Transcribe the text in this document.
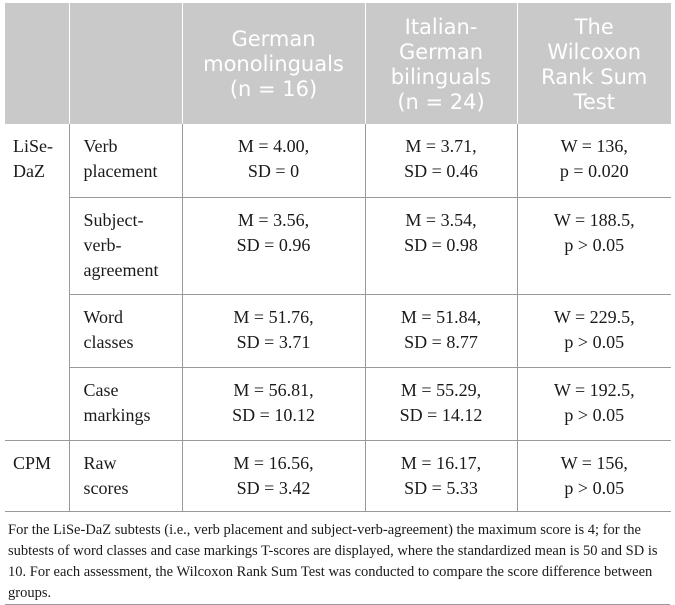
		German
monolinguals
(n = 16)	Italian-
German
bilinguals
(n = 24)	The
Wilcoxon
Rank Sum
Test

LiSe-
DaZ	Verb
placement	M = 4.00,
SD = 0	M = 3.71,
SD = 0.46	W = 136,
p = 0.020

	Subject-
verb-
agreement	M = 3.56,
SD = 0.96	M = 3.54,
SD = 0.98	W = 188.5,
p > 0.05

	Word
classes	M = 51.76,
SD = 3.71	M = 51.84,
SD = 8.77	W = 229.5,
p > 0.05

	Case
markings	M = 56.81,
SD = 10.12	M = 55.29,
SD = 14.12	W = 192.5,
p > 0.05

CPM	Raw
scores	M = 16.56,
SD = 3.42	M = 16.17,
SD = 5.33	W = 156,
p > 0.05
For the LiSe-DaZ subtests (i.e., verb placement and subject-verb-agreement) the maximum score is 4; for the subtests of word classes and case markings T-scores are displayed, where the standardized mean is 50 and SD is 10. For each assessment, the Wilcoxon Rank Sum Test was conducted to compare the score difference between groups.
